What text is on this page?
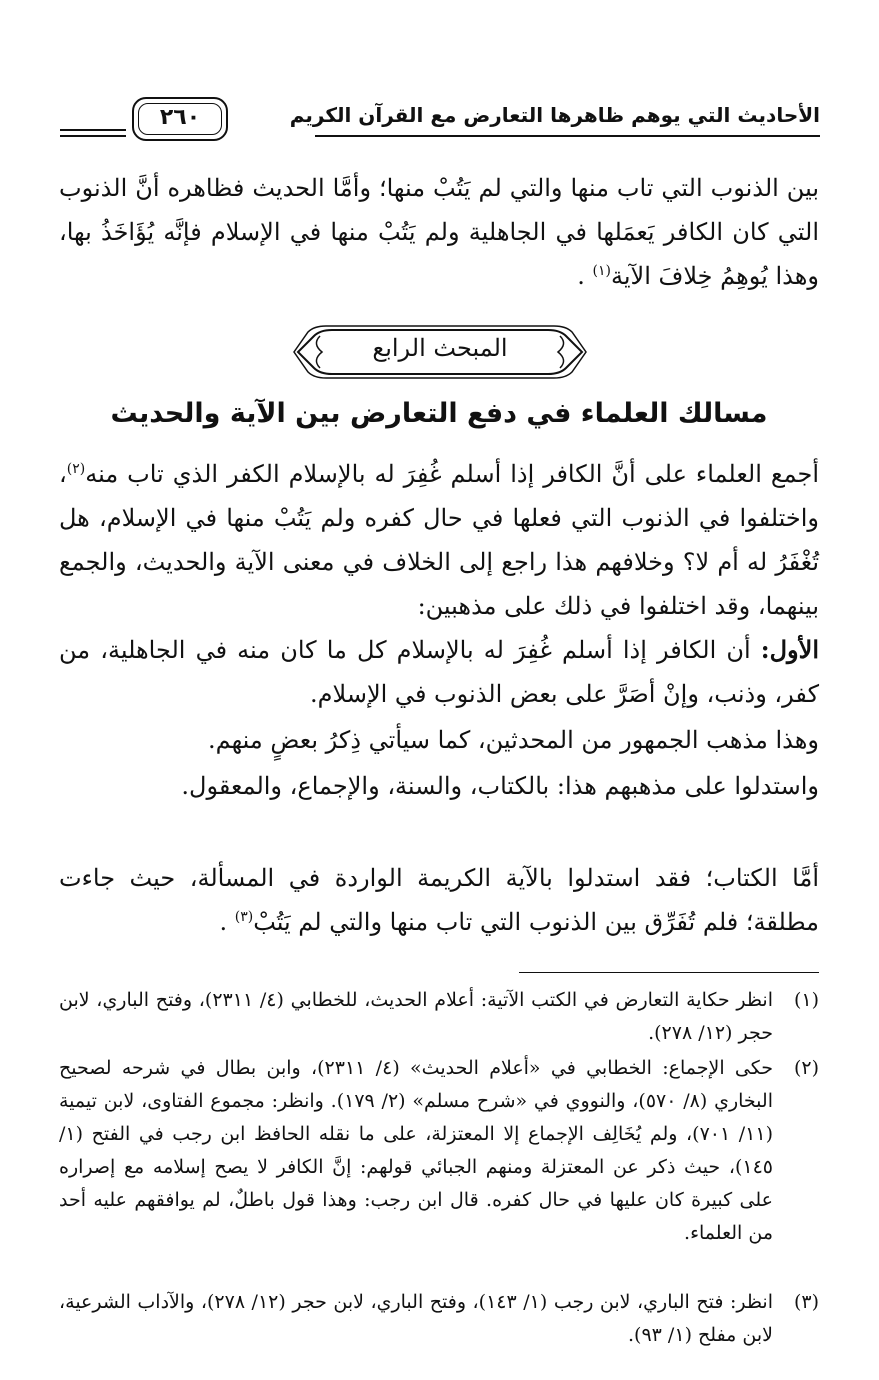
الأحاديث التي يوهم ظاهرها التعارض مع القرآن الكريم
٢٦٠
بين الذنوب التي تاب منها والتي لم يَتُبْ منها؛ وأمَّا الحديث فظاهره أنَّ الذنوب التي كان الكافر يَعمَلها في الجاهلية ولم يَتُبْ منها في الإسلام فإنَّه يُؤَاخَذُ بها، وهذا يُوهِمُ خِلافَ الآية$^{(١)}$ .
المبحث الرابع
مسالك العلماء في دفع التعارض بين الآية والحديث
أجمع العلماء على أنَّ الكافر إذا أسلم غُفِرَ له بالإسلام الكفر الذي تاب منه$^{(٢)}$، واختلفوا في الذنوب التي فعلها في حال كفره ولم يَتُبْ منها في الإسلام، هل تُغْفَرُ له أم لا؟ وخلافهم هذا راجع إلى الخلاف في معنى الآية والحديث، والجمع بينهما، وقد اختلفوا في ذلك على مذهبين:
الأول: أن الكافر إذا أسلم غُفِرَ له بالإسلام كل ما كان منه في الجاهلية، من كفر، وذنب، وإنْ أصَرَّ على بعض الذنوب في الإسلام.
وهذا مذهب الجمهور من المحدثين، كما سيأتي ذِكرُ بعضٍ منهم.
واستدلوا على مذهبهم هذا: بالكتاب، والسنة، والإجماع، والمعقول.
أمَّا الكتاب؛ فقد استدلوا بالآية الكريمة الواردة في المسألة، حيث جاءت مطلقة؛ فلم تُفَرِّق بين الذنوب التي تاب منها والتي لم يَتُبْ$^{(٣)}$ .
(١)
انظر حكاية التعارض في الكتب الآتية: أعلام الحديث، للخطابي (٤/ ٢٣١١)، وفتح الباري، لابن حجر (١٢/ ٢٧٨).
(٢)
حكى الإجماع: الخطابي في «أعلام الحديث» (٤/ ٢٣١١)، وابن بطال في شرحه لصحيح البخاري (٨/ ٥٧٠)، والنووي في «شرح مسلم» (٢/ ١٧٩). وانظر: مجموع الفتاوى، لابن تيمية (١١/ ٧٠١)، ولم يُخَالِف الإجماع إلا المعتزلة، على ما نقله الحافظ ابن رجب في الفتح (١/ ١٤٥)، حيث ذكر عن المعتزلة ومنهم الجبائي قولهم: إنَّ الكافر لا يصح إسلامه مع إصراره على كبيرة كان عليها في حال كفره. قال ابن رجب: وهذا قول باطلٌ، لم يوافقهم عليه أحد من العلماء.
(٣)
انظر: فتح الباري، لابن رجب (١/ ١٤٣)، وفتح الباري، لابن حجر (١٢/ ٢٧٨)، والآداب الشرعية، لابن مفلح (١/ ٩٣).
